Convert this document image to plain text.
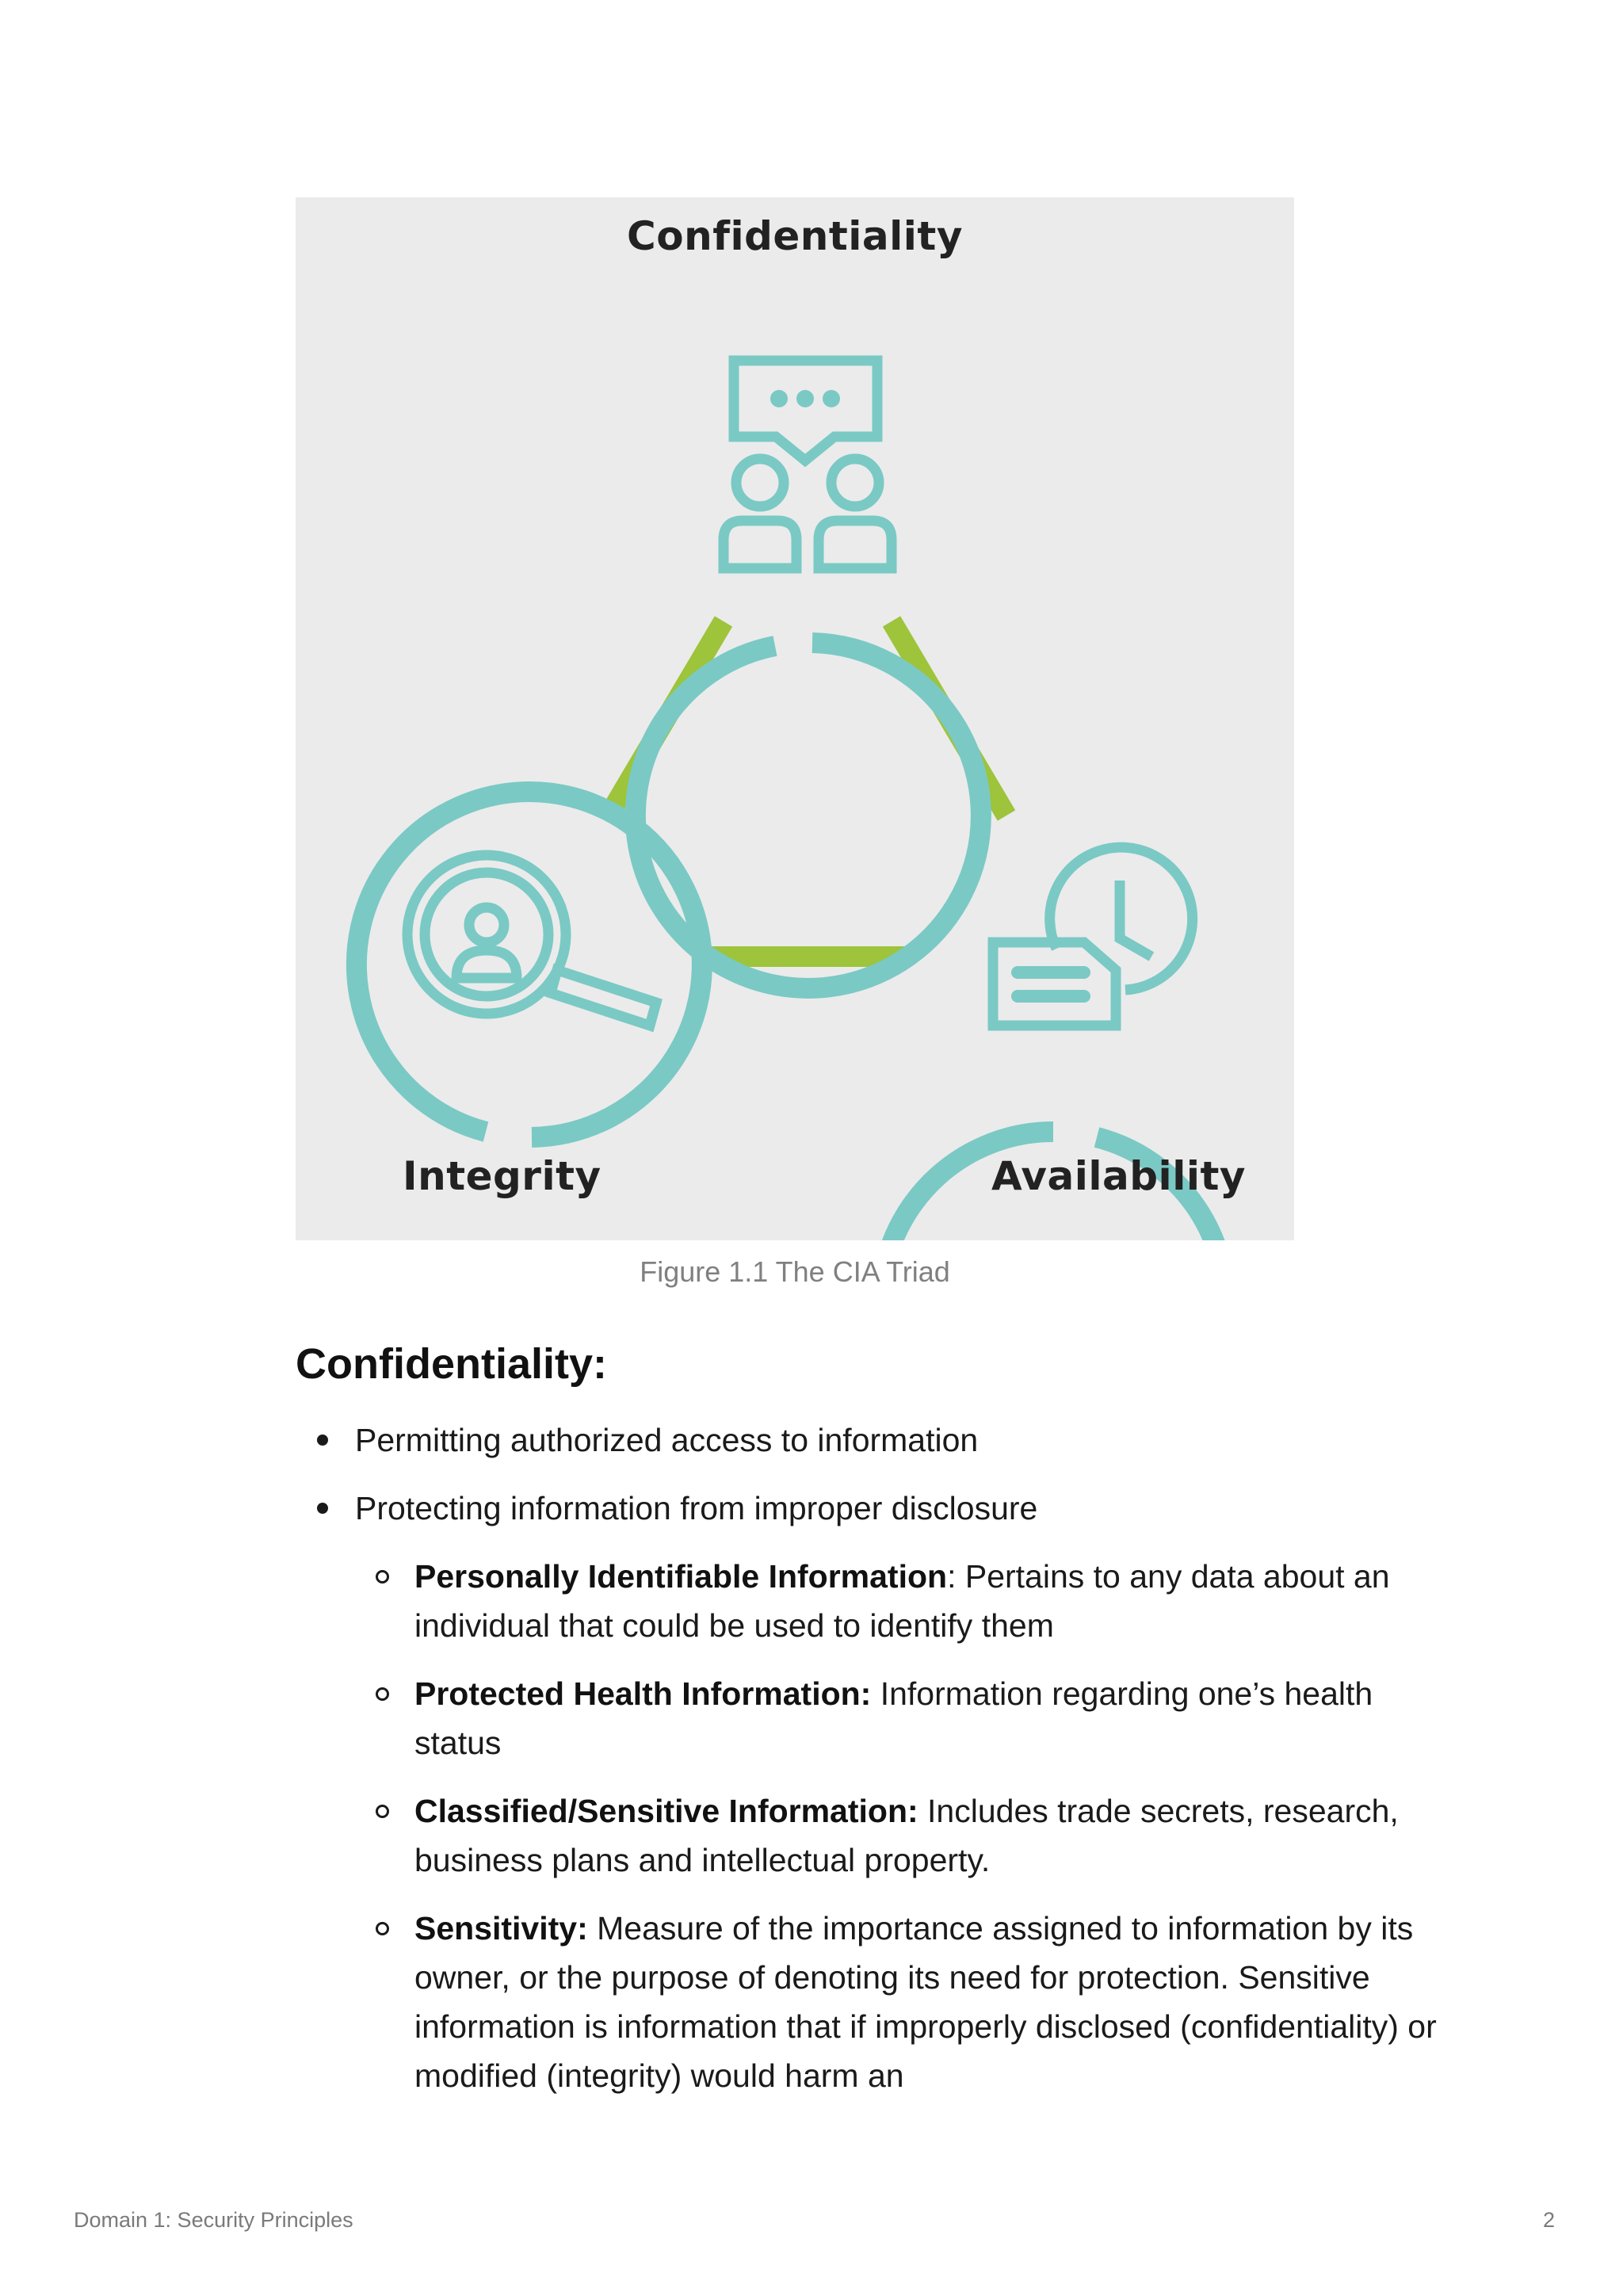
Confidentiality
Integrity	Availability
Figure 1.1 The CIA Triad
Confidentiality:
Permitting authorized access to information
Protecting information from improper disclosure
Personally Identifiable Information: Pertains to any data about an individual that could be used to identify them
Protected Health Information: Information regarding one’s health status
Classified/Sensitive Information: Includes trade secrets, research, business plans and intellectual property.
Sensitivity: Measure of the importance assigned to information by its owner, or the purpose of denoting its need for protection. Sensitive information is information that if improperly disclosed (confidentiality) or modified (integrity) would harm an
Domain 1: Security Principles	2
